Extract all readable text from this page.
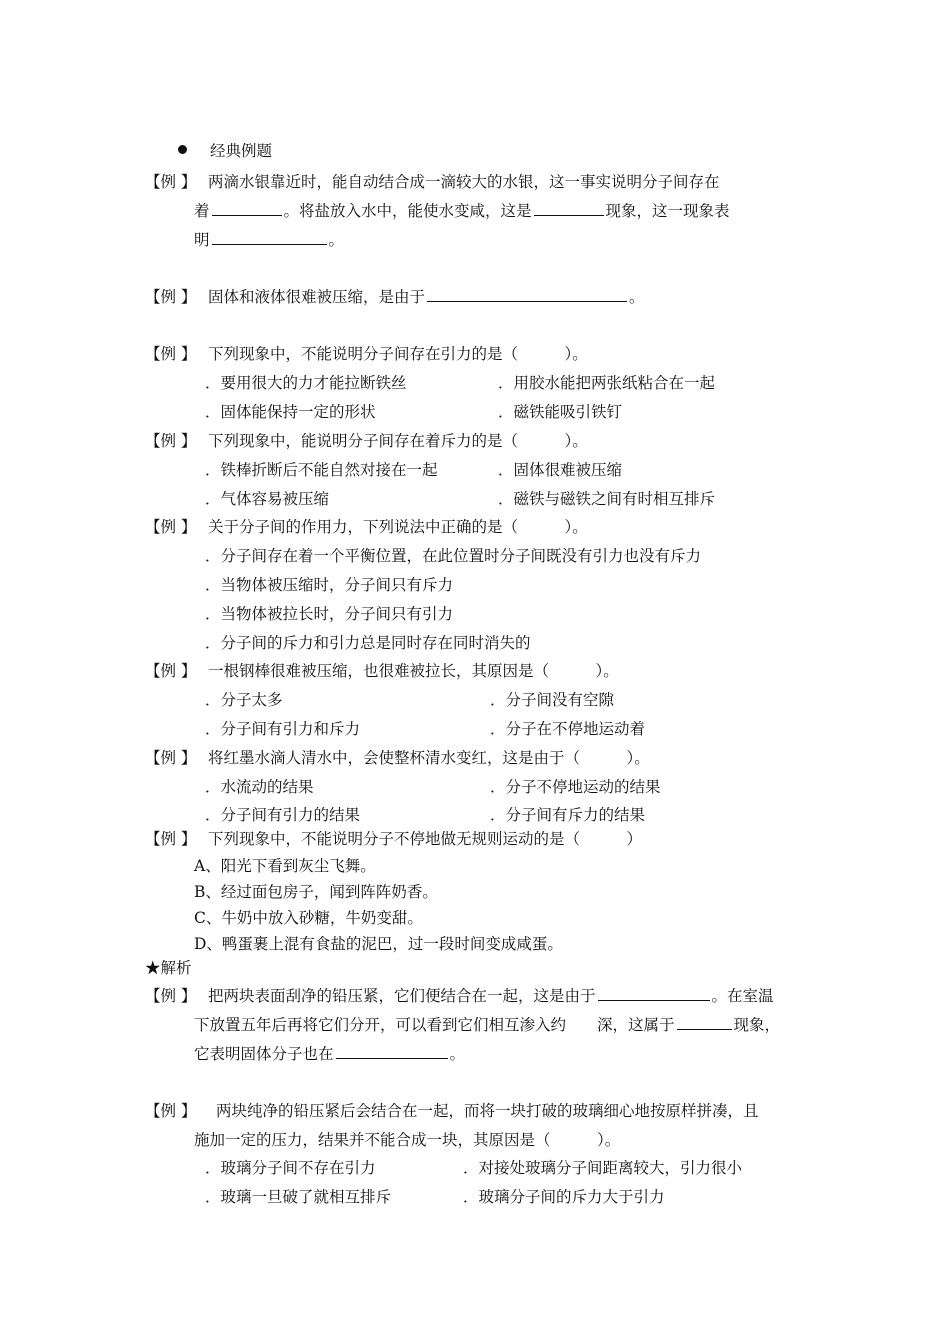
经典例题
【例 】 两滴水银靠近时，能自动结合成一滴较大的水银，这一事实说明分子间存在
着	。将盐放入水中，能使水变咸，这是	现象，这一现象表
明	。
【例 】 固体和液体很难被压缩，是由于	。
【例 】 下列现象中，不能说明分子间存在引力的是（　　　）。
．要用很大的力才能拉断铁丝	．用胶水能把两张纸粘合在一起
．固体能保持一定的形状	．磁铁能吸引铁钉
【例 】 下列现象中，能说明分子间存在着斥力的是（　　　）。
．铁棒折断后不能自然对接在一起	．固体很难被压缩
．气体容易被压缩	．磁铁与磁铁之间有时相互排斥
【例 】 关于分子间的作用力，下列说法中正确的是（　　　）。
．分子间存在着一个平衡位置，在此位置时分子间既没有引力也没有斥力
．当物体被压缩时，分子间只有斥力
．当物体被拉长时，分子间只有引力
．分子间的斥力和引力总是同时存在同时消失的
【例 】 一根钢棒很难被压缩，也很难被拉长，其原因是（　　　）。
．分子太多	．分子间没有空隙
．分子间有引力和斥力	．分子在不停地运动着
【例 】 将红墨水滴人清水中，会使整杯清水变红，这是由于（　　　）。
．水流动的结果	．分子不停地运动的结果
．分子间有引力的结果	．分子间有斥力的结果
【例 】 下列现象中，不能说明分子不停地做无规则运动的是（　　　）
A、阳光下看到灰尘飞舞。
B、经过面包房子，闻到阵阵奶香。
C、牛奶中放入砂糖，牛奶变甜。
D、鸭蛋裹上混有食盐的泥巴，过一段时间变成咸蛋。
★解析
【例 】 把两块表面刮净的铅压紧，它们便结合在一起，这是由于	。在室温
下放置五年后再将它们分开，可以看到它们相互渗入约　　深，这属于	现象，
它表明固体分子也在	。
【例 】 两块纯净的铅压紧后会结合在一起，而将一块打破的玻璃细心地按原样拼凑，且
施加一定的压力，结果并不能合成一块，其原因是（　　　）。
．玻璃分子间不存在引力	．对接处玻璃分子间距离较大，引力很小
．玻璃一旦破了就相互排斥	．玻璃分子间的斥力大于引力
